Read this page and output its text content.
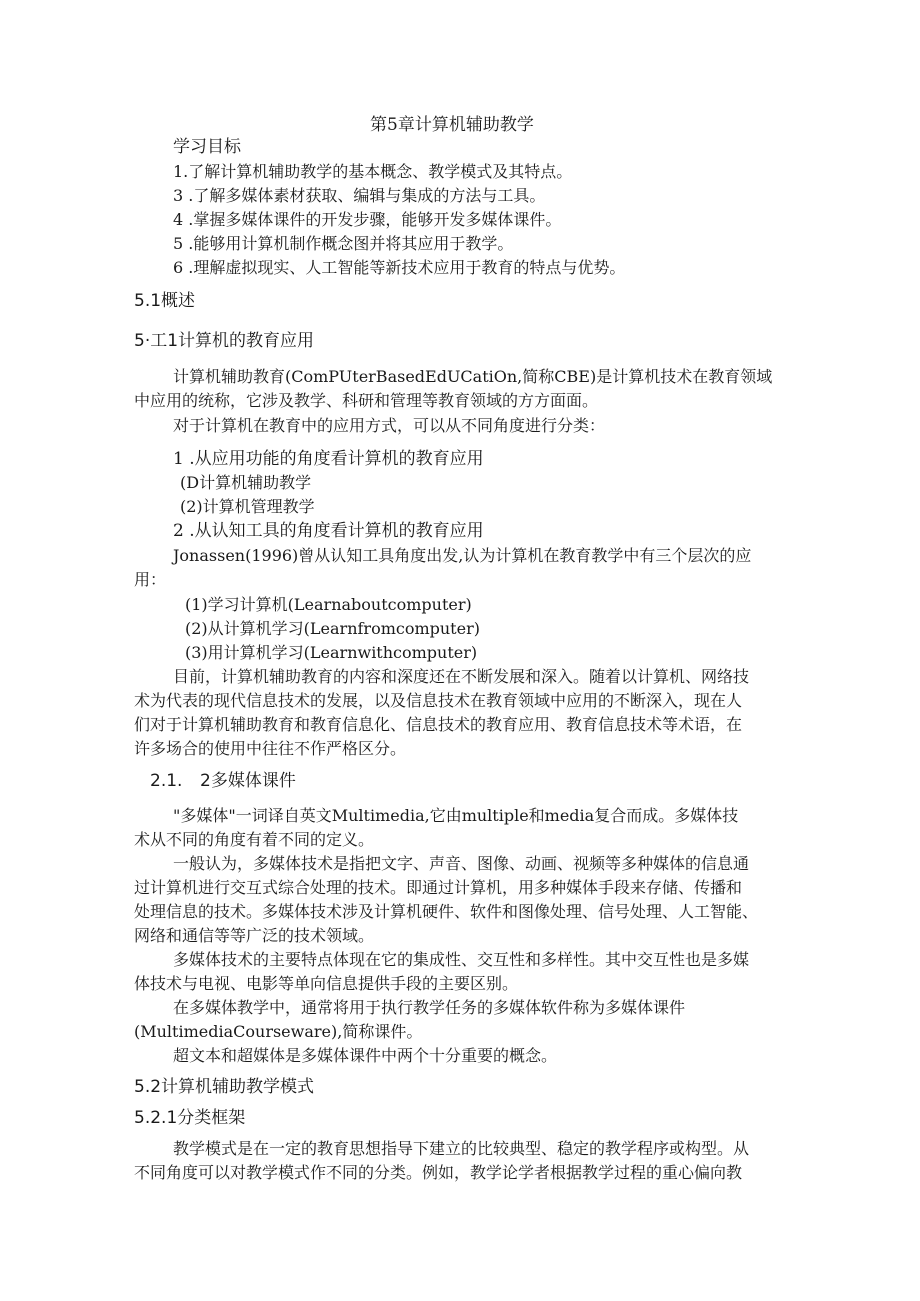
第5章计算机辅助教学
学习目标
1.了解计算机辅助教学的基本概念、教学模式及其特点。
3 .了解多媒体素材获取、编辑与集成的方法与工具。
4 .掌握多媒体课件的开发步骤，能够开发多媒体课件。
5 .能够用计算机制作概念图并将其应用于教学。
6 .理解虚拟现实、人工智能等新技术应用于教育的特点与优势。
5.1概述
5·工1计算机的教育应用
计算机辅助教育(ComPUterBasedEdUCatiOn,简称CBE)是计算机技术在教育领域
中应用的统称，它涉及教学、科研和管理等教育领域的方方面面。
对于计算机在教育中的应用方式，可以从不同角度进行分类：
1 .从应用功能的角度看计算机的教育应用
(D计算机辅助教学
(2)计算机管理教学
2 .从认知工具的角度看计算机的教育应用
Jonassen(1996)曾从认知工具角度出发,认为计算机在教育教学中有三个层次的应
用：
(1)学习计算机(Learnaboutcomputer)
(2)从计算机学习(Learnfromcomputer)
(3)用计算机学习(Learnwithcomputer)
目前，计算机辅助教育的内容和深度还在不断发展和深入。随着以计算机、网络技
术为代表的现代信息技术的发展，以及信息技术在教育领域中应用的不断深入，现在人
们对于计算机辅助教育和教育信息化、信息技术的教育应用、教育信息技术等术语，在
许多场合的使用中往往不作严格区分。
2.1. 2多媒体课件
"多媒体"一词译自英文Multimedia,它由multiple和media复合而成。多媒体技
术从不同的角度有着不同的定义。
一般认为，多媒体技术是指把文字、声音、图像、动画、视频等多种媒体的信息通
过计算机进行交互式综合处理的技术。即通过计算机，用多种媒体手段来存储、传播和
处理信息的技术。多媒体技术涉及计算机硬件、软件和图像处理、信号处理、人工智能、
网络和通信等等广泛的技术领域。
多媒体技术的主要特点体现在它的集成性、交互性和多样性。其中交互性也是多媒
体技术与电视、电影等单向信息提供手段的主要区别。
在多媒体教学中，通常将用于执行教学任务的多媒体软件称为多媒体课件
(MultimediaCourseware),简称课件。
超文本和超媒体是多媒体课件中两个十分重要的概念。
5.2计算机辅助教学模式
5.2.1分类框架
教学模式是在一定的教育思想指导下建立的比较典型、稳定的教学程序或构型。从
不同角度可以对教学模式作不同的分类。例如，教学论学者根据教学过程的重心偏向教
